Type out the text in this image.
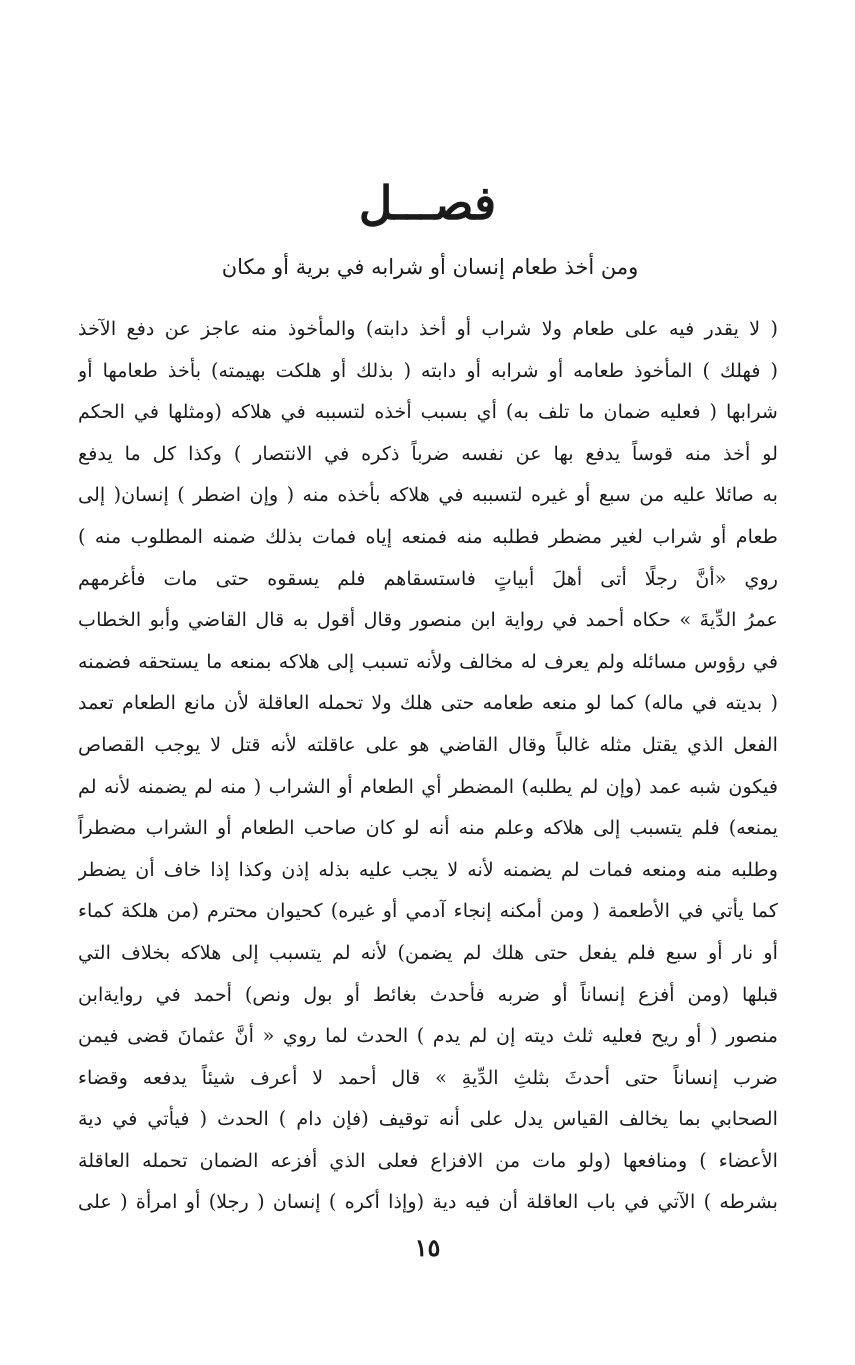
فصـــل
ومن أخذ طعام إنسان أو شرابه في برية أو مكان
( لا يقدر فيه على طعام ولا شراب أو أخذ دابته) والمأخوذ منه عاجز عن دفع الآخذ
( فهلك ) المأخوذ طعامه أو شرابه أو دابته ( بذلك أو هلكت بهيمته) بأخذ طعامها أو
شرابها ( فعليه ضمان ما تلف به) أي بسبب أخذه لتسببه في هلاكه (ومثلها في الحكم
لو أخذ منه قوساً يدفع بها عن نفسه ضرباً ذكره في الانتصار ) وكذا كل ما يدفع
به صائلا عليه من سبع أو غيره لتسببه في هلاكه بأخذه منه ( وإن اضطر ) إنسان( إلى
طعام أو شراب لغير مضطر فطلبه منه فمنعه إياه فمات بذلك ضمنه المطلوب منه )
روي «أنَّ رجلًا أتى أهلَ أبياتٍ فاستسقاهم فلم يسقوه حتى مات فأغرمهم
عمرُ الدِّيةَ » حكاه أحمد في رواية ابن منصور وقال أقول به قال القاضي وأبو الخطاب
في رؤوس مسائله ولم يعرف له مخالف ولأنه تسبب إلى هلاكه بمنعه ما يستحقه فضمنه
( بديته في ماله) كما لو منعه طعامه حتى هلك ولا تحمله العاقلة لأن مانع الطعام تعمد
الفعل الذي يقتل مثله غالباً وقال القاضي هو على عاقلته لأنه قتل لا يوجب القصاص
فيكون شبه عمد (وإن لم يطلبه) المضطر أي الطعام أو الشراب ( منه لم يضمنه لأنه لم
يمنعه) فلم يتسبب إلى هلاكه وعلم منه أنه لو كان صاحب الطعام أو الشراب مضطراً
وطلبه منه ومنعه فمات لم يضمنه لأنه لا يجب عليه بذله إذن وكذا إذا خاف أن يضطر
كما يأتي في الأطعمة ( ومن أمكنه إنجاء آدمي أو غيره) كحيوان محترم (من هلكة كماء
أو نار أو سبع فلم يفعل حتى هلك لم يضمن) لأنه لم يتسبب إلى هلاكه بخلاف التي
قبلها (ومن أفزع إنساناً أو ضربه فأحدث بغائط أو بول ونص) أحمد في روايةابن
منصور ( أو ريح فعليه ثلث ديته إن لم يدم ) الحدث لما روي « أنَّ عثمانَ قضى فيمن
ضرب إنساناً حتى أحدثَ بثلثِ الدِّيةِ » قال أحمد لا أعرف شيئاً يدفعه وقضاء
الصحابي بما يخالف القياس يدل على أنه توقيف (فإن دام ) الحدث ( فيأتي في دية
الأعضاء ) ومنافعها (ولو مات من الافزاع فعلى الذي أفزعه الضمان تحمله العاقلة
بشرطه ) الآتي في باب العاقلة أن فيه دية (وإذا أكره ) إنسان ( رجلا) أو امرأة ( على
١٥
